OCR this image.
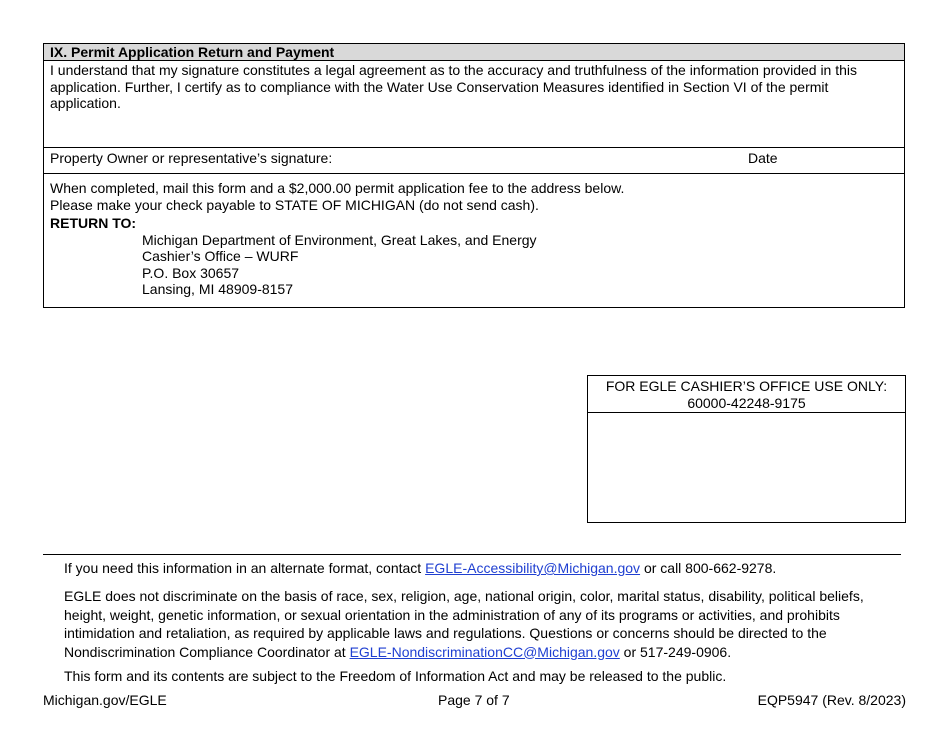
IX. Permit Application Return and Payment
I understand that my signature constitutes a legal agreement as to the accuracy and truthfulness of the information provided in this application. Further, I certify as to compliance with the Water Use Conservation Measures identified in Section VI of the permit application.
Property Owner or representative’s signature:	Date
When completed, mail this form and a $2,000.00 permit application fee to the address below.
Please make your check payable to STATE OF MICHIGAN (do not send cash).
RETURN TO:
Michigan Department of Environment, Great Lakes, and Energy
Cashier’s Office – WURF
P.O. Box 30657
Lansing, MI 48909-8157
FOR EGLE CASHIER’S OFFICE USE ONLY:
60000-42248-9175
If you need this information in an alternate format, contact EGLE-Accessibility@Michigan.gov or call 800-662-9278.
EGLE does not discriminate on the basis of race, sex, religion, age, national origin, color, marital status, disability, political beliefs, height, weight, genetic information, or sexual orientation in the administration of any of its programs or activities, and prohibits intimidation and retaliation, as required by applicable laws and regulations. Questions or concerns should be directed to the Nondiscrimination Compliance Coordinator at EGLE-NondiscriminationCC@Michigan.gov or 517-249-0906.
This form and its contents are subject to the Freedom of Information Act and may be released to the public.
Michigan.gov/EGLE	Page 7 of 7	EQP5947 (Rev. 8/2023)
